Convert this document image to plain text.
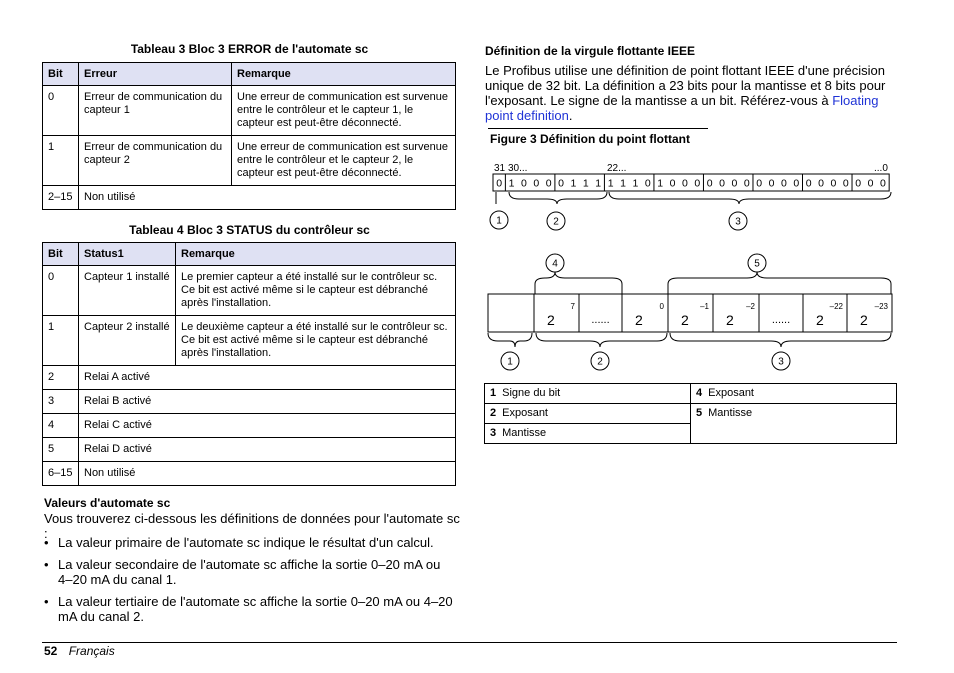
Tableau 3 Bloc 3 ERROR de l'automate sc
Bit	Erreur	Remarque
0	Erreur de communication du capteur 1	Une erreur de communication est survenue entre le contrôleur et le capteur 1, le capteur est peut-être déconnecté.
1	Erreur de communication du capteur 2	Une erreur de communication est survenue entre le contrôleur et le capteur 2, le capteur est peut-être déconnecté.
2–15	Non utilisé	
Tableau 4 Bloc 3 STATUS du contrôleur sc
Bit	Status1	Remarque
0	Capteur 1 installé	Le premier capteur a été installé sur le contrôleur sc. Ce bit est activé même si le capteur est débranché après l'installation.
1	Capteur 2 installé	Le deuxième capteur a été installé sur le contrôleur sc. Ce bit est activé même si le capteur est débranché après l'installation.
2	Relai A activé	
3	Relai B activé	
4	Relai C activé	
5	Relai D activé	
6–15	Non utilisé	
Valeurs d'automate sc
Vous trouverez ci-dessous les définitions de données pour l'automate sc :
• La valeur primaire de l'automate sc indique le résultat d'un calcul.
• La valeur secondaire de l'automate sc affiche la sortie 0–20 mA ou 4–20 mA du canal 1.
• La valeur tertiaire de l'automate sc affiche la sortie 0–20 mA ou 4–20 mA du canal 2.
Définition de la virgule flottante IEEE
Le Profibus utilise une définition de point flottant IEEE d'une précision unique de 32 bit. La définition a 23 bits pour la mantisse et 8 bits pour l'exposant. Le signe de la mantisse a un bit. Référez-vous à Floating point definition.
Figure 3 Définition du point flottant
31 30...	22...	...0
0 1 0 0 0 0 1 1 1 1 1 1 0 1 0 0 0 0 0 0 0 0 0 0 0 0 0 0 0 0 0 0
1	2	3
4	5
2
7
...... 2
0
2
–1
2
–2
...... 2
–22
2
–23
1	2	3
1 Signe du bit	4 Exposant
2 Exposant	5 Mantisse
3 Mantisse	
52 Français
